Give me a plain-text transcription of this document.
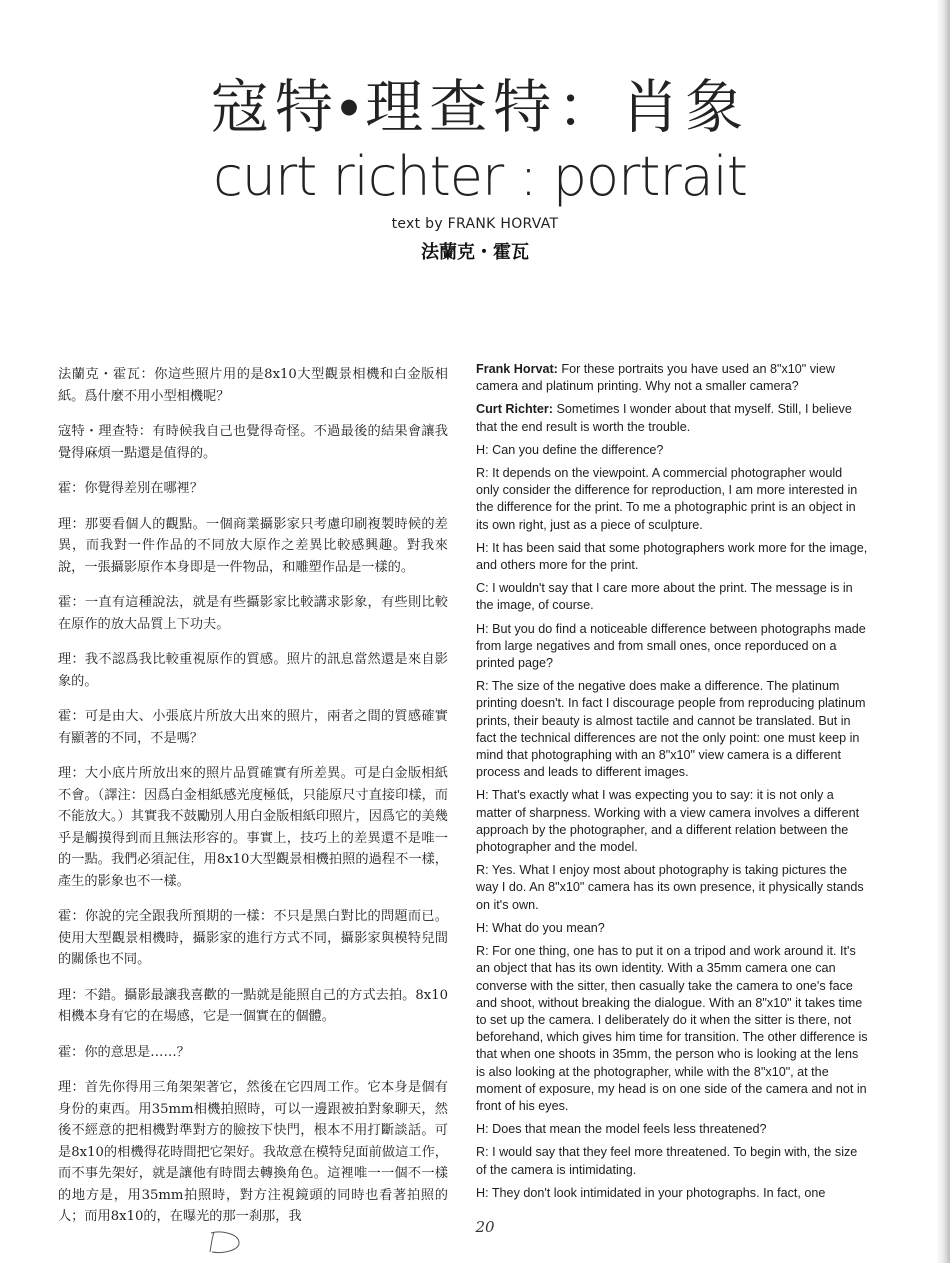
寇特•理查特：肖象
curt richter : portrait
text by FRANK HORVAT
法蘭克・霍瓦

法蘭克・霍瓦：你這些照片用的是8x10大型觀景相機和白金版相紙。爲什麼不用小型相機呢？

寇特・理查特：有時候我自己也覺得奇怪。不過最後的結果會讓我覺得麻煩一點還是值得的。

霍：你覺得差別在哪裡？

理：那要看個人的觀點。一個商業攝影家只考慮印刷複製時候的差異，而我對一件作品的不同放大原作之差異比較感興趣。對我來說，一張攝影原作本身即是一件物品，和雕塑作品是一樣的。

霍：一直有這種說法，就是有些攝影家比較講求影象，有些則比較在原作的放大品質上下功夫。

理：我不認爲我比較重視原作的質感。照片的訊息當然還是來自影象的。

霍：可是由大、小張底片所放大出來的照片，兩者之間的質感確實有顯著的不同，不是嗎？

理：大小底片所放出來的照片品質確實有所差異。可是白金版相紙不會。（譯注：因爲白金相紙感光度極低，只能原尺寸直接印樣，而不能放大。）其實我不鼓勵別人用白金版相紙印照片，因爲它的美幾乎是觸摸得到而且無法形容的。事實上，技巧上的差異還不是唯一的一點。我們必須記住，用8x10大型觀景相機拍照的過程不一樣，產生的影象也不一樣。

霍：你說的完全跟我所預期的一樣：不只是黑白對比的問題而已。使用大型觀景相機時，攝影家的進行方式不同，攝影家與模特兒間的關係也不同。

理：不錯。攝影最讓我喜歡的一點就是能照自己的方式去拍。8x10相機本身有它的在場感，它是一個實在的個體。

霍：你的意思是……？

理：首先你得用三角架架著它，然後在它四周工作。它本身是個有身份的東西。用35mm相機拍照時，可以一邊跟被拍對象聊天，然後不經意的把相機對準對方的臉按下快門，根本不用打斷談話。可是8x10的相機得花時間把它架好。我故意在模特兒面前做這工作，而不事先架好，就是讓他有時間去轉換角色。這裡唯一一個不一樣的地方是，用35mm拍照時，對方注視鏡頭的同時也看著拍照的人；而用8x10的，在曝光的那一刹那，我

Frank Horvat: For these portraits you have used an 8"x10" view camera and platinum printing. Why not a smaller camera?

Curt Richter: Sometimes I wonder about that myself. Still, I believe that the end result is worth the trouble.

H: Can you define the difference?

R: It depends on the viewpoint. A commercial photographer would only consider the difference for reproduction, I am more interested in the difference for the print. To me a photographic print is an object in its own right, just as a piece of sculpture.

H: It has been said that some photographers work more for the image, and others more for the print.

C: I wouldn't say that I care more about the print. The message is in the image, of course.

H: But you do find a noticeable difference between photographs made from large negatives and from small ones, once reporduced on a printed page?

R: The size of the negative does make a difference. The platinum printing doesn't. In fact I discourage people from reproducing platinum prints, their beauty is almost tactile and cannot be translated. But in fact the technical differences are not the only point: one must keep in mind that photographing with an 8"x10" view camera is a different process and leads to different images.

H: That's exactly what I was expecting you to say: it is not only a matter of sharpness. Working with a view camera involves a different approach by the photographer, and a different relation between the photographer and the model.

R: Yes. What I enjoy most about photography is taking pictures the way I do. An 8"x10" camera has its own presence, it physically stands on it's own.

H: What do you mean?

R: For one thing, one has to put it on a tripod and work around it. It's an object that has its own identity. With a 35mm camera one can converse with the sitter, then casually take the camera to one's face and shoot, without breaking the dialogue. With an 8"x10" it takes time to set up the camera. I deliberately do it when the sitter is there, not beforehand, which gives him time for transition. The other difference is that when one shoots in 35mm, the person who is looking at the lens is also looking at the photographer, while with the 8"x10", at the moment of exposure, my head is on one side of the camera and not in front of his eyes.

H: Does that mean the model feels less threatened?

R: I would say that they feel more threatened. To begin with, the size of the camera is intimidating.

H: They don't look intimidated in your photographs. In fact, one

20
